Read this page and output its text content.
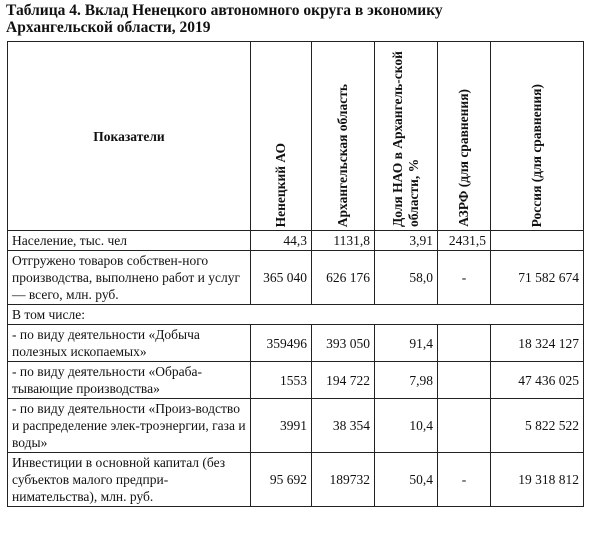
Таблица 4. Вклад Ненецкого автономного округа в экономику
Архангельской области, 2019
Показатели	Ненецкий АО	Архангельская область	Доля НАО в Архангель-ской области, %	АЗРФ (для сравнения)	Россия (для сравнения)

Население, тыс. чел	44,3	1131,8	3,91	2431,5	
Отгружено товаров собствен-ного производства, выполнено работ и услуг— всего, млн. руб.	365 040	626 176	58,0	-	71 582 674
В том числе:					
- по виду деятельности «Добыча полезных ископаемых»	359496	393 050	91,4		18 324 127
- по виду деятельности «Обраба-тывающие производства»	1553	194 722	7,98		47 436 025
- по виду деятельности «Произ-водство и распределение элек-троэнергии, газа и воды»	3991	38 354	10,4		5 822 522
Инвестиции в основной капитал (без субъектов малого предпри-нимательства), млн. руб.	95 692	189732	50,4	-	19 318 812
